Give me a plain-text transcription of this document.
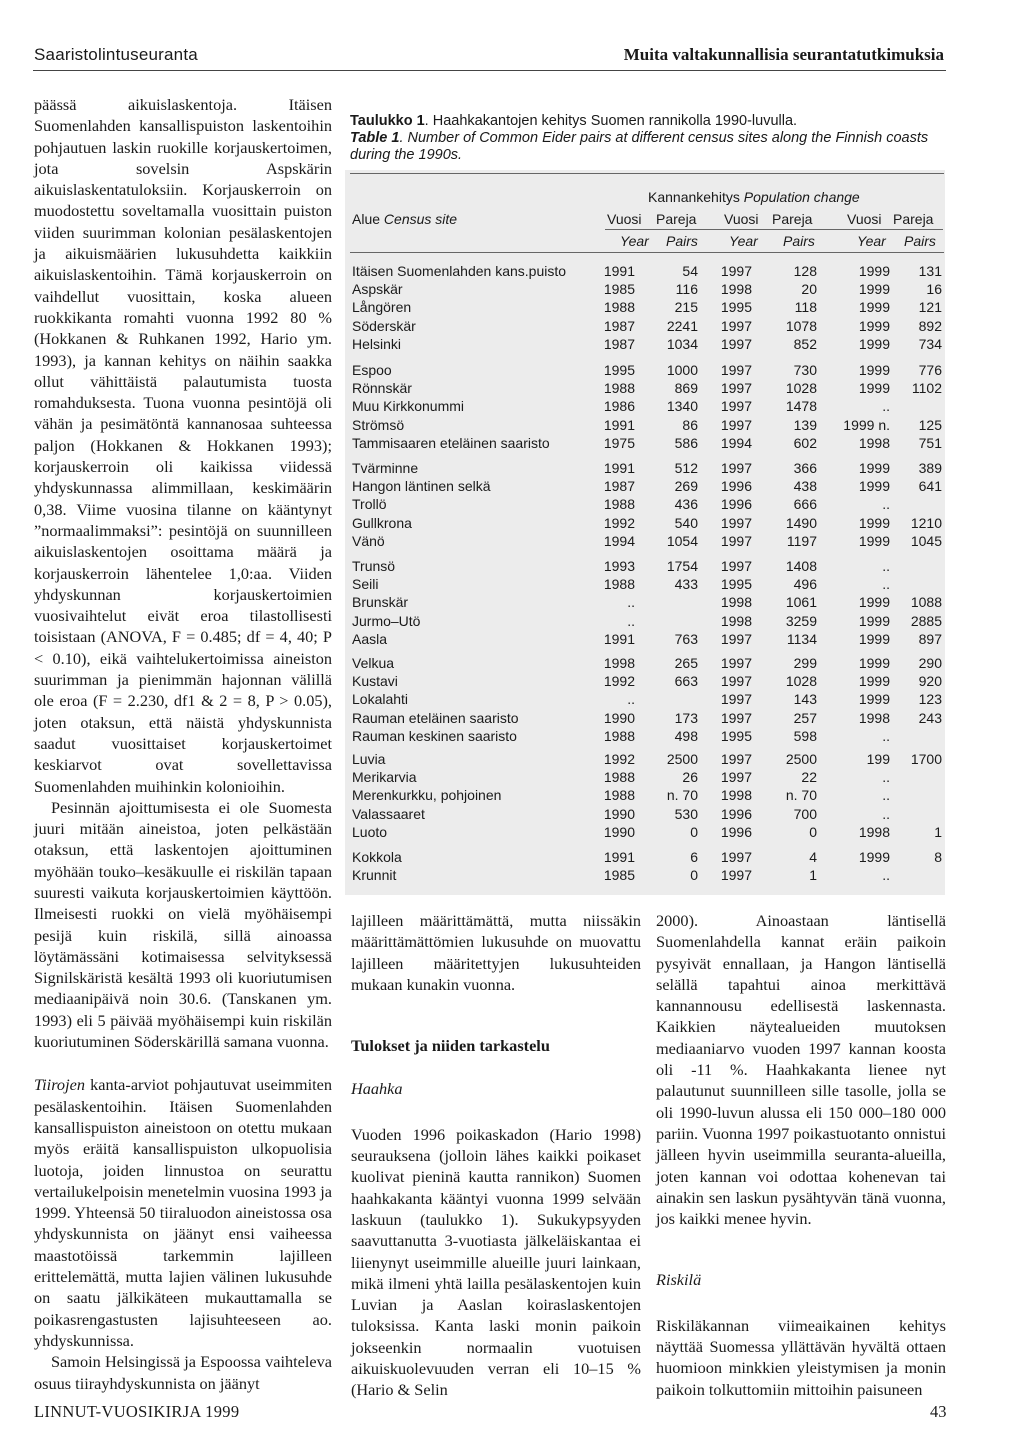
Saaristolintuseuranta	Muita valtakunnallisia seurantatutkimuksia

päässä aikuislaskentoja. Itäisen Suomenlahden kansallispuiston laskentoihin pohjautuen laskin ruokille korjauskertoimen, jota sovelsin Aspskärin aikuislaskentatuloksiin. Korjauskerroin on muodostettu soveltamalla vuosittain puiston viiden suurimman kolonian pesälaskentojen ja aikuismäärien lukusuhdetta kaikkiin aikuislaskentoihin. Tämä korjauskerroin on vaihdellut vuosittain, koska alueen ruokkikanta romahti vuonna 1992 80 % (Hokkanen & Ruhkanen 1992, Hario ym. 1993), ja kannan kehitys on näihin saakka ollut vähittäistä palautumista tuosta romahduksesta. Tuona vuonna pesintöjä oli vähän ja pesimätöntä kannanosaa suhteessa paljon (Hokkanen & Hokkanen 1993); korjauskerroin oli kaikissa viidessä yhdyskunnassa alimmillaan, keskimäärin 0,38. Viime vuosina tilanne on kääntynyt ”normaalimmaksi”: pesintöjä on suunnilleen aikuislaskentojen osoittama määrä ja korjauskerroin lähentelee 1,0:aa. Viiden yhdyskunnan korjauskertoimien vuosivaihtelut eivät eroa tilastollisesti toisistaan (ANOVA, F = 0.485; df = 4, 40; P < 0.10), eikä vaihtelukertoimissa aineiston suurimman ja pienimmän hajonnan välillä ole eroa (F = 2.230, df1 & 2 = 8, P > 0.05), joten otaksun, että näistä yhdyskunnista saadut vuosittaiset korjauskertoimet keskiarvot ovat sovellettavissa Suomenlahden muihinkin kolonioihin.

Pesinnän ajoittumisesta ei ole Suomesta juuri mitään aineistoa, joten pelkästään otaksun, että laskentojen ajoittuminen myöhään touko–kesäkuulle ei riskilän tapaan suuresti vaikuta korjauskertoimien käyttöön. Ilmeisesti ruokki on vielä myöhäisempi pesijä kuin riskilä, sillä ainoassa löytämässäni kotimaisessa selvityksessä Signilskäristä kesältä 1993 oli kuoriutumisen mediaanipäivä noin 30.6. (Tanskanen ym. 1993) eli 5 päivää myöhäisempi kuin riskilän kuoriutuminen Söderskärillä samana vuonna.

Tiirojen kanta-arviot pohjautuvat useimmiten pesälaskentoihin. Itäisen Suomenlahden kansallispuiston aineistoon on otettu mukaan myös eräitä kansallispuiston ulkopuolisia luotoja, joiden linnustoa on seurattu vertailukelpoisin menetelmin vuosina 1993 ja 1999. Yhteensä 50 tiiraluodon aineistossa osa yhdyskunnista on jäänyt ensi vaiheessa maastotöissä tarkemmin lajilleen erittelemättä, mutta lajien välinen lukusuhde on saatu jälkikäteen mukauttamalla se poikasrengastusten lajisuhteeseen ao. yhdyskunnissa.

Samoin Helsingissä ja Espoossa vaihteleva osuus tiirayhdyskunnista on jäänyt

Taulukko 1. Haahkakantojen kehitys Suomen rannikolla 1990-luvulla.

Table 1. Number of Common Eider pairs at different census sites along the Finnish coasts during the 1990s.

Kannankehitys Population change
Alue Census site	Vuosi Pareja Vuosi Pareja Vuosi Pareja
Year Pairs Year Pairs	Year Pairs
Itäisen Suomenlahden kans.puisto	1991	54 1997	128	1999 131
Aspskär	1985	116 1998	20	1999	16
Långören	1988	215 1995	118	1999 121
Söderskär	1987 2241 1997 1078	1999 892
Helsinki	1987 1034 1997	852	1999 734
Espoo	1995 1000 1997	730	1999 776
Rönnskär	1988	869 1997 1028	1999 1102
Muu Kirkkonummi	1986 1340 1997 1478	..
Strömsö	1991	86 1997	139 1999 n. 125
Tammisaaren eteläinen saaristo	1975	586 1994	602	1998 751
Tvärminne	1991	512 1997	366	1999 389
Hangon läntinen selkä	1987	269 1996	438	1999 641
Trollö	1988	436 1996	666	..
Gullkrona	1992	540 1997 1490	1999 1210
Vänö	1994 1054 1997 1197	1999 1045
Trunsö	1993 1754 1997 1408	..
Seili	1988	433 1995	496	..
Brunskär	..	1998 1061	1999 1088
Jurmo–Utö	..	1998 3259	1999 2885
Aasla	1991	763 1997 1134	1999 897
Velkua	1998	265 1997	299	1999 290
Kustavi	1992	663 1997 1028	1999 920
Lokalahti	..	1997	143	1999 123
Rauman eteläinen saaristo	1990	173 1997	257	1998 243
Rauman keskinen saaristo	1988	498 1995	598	..
Luvia	1992 2500 1997 2500	199 1700
Merikarvia	1988	26 1997	22	..
Merenkurkku, pohjoinen	1988 n. 70 1998 n. 70	..
Valassaaret	1990	530 1996	700	..
Luoto	1990	0 1996	0	1998	1
Kokkola	1991	6 1997	4	1999	8
Krunnit	1985	0 1997	1	..

lajilleen määrittämättä, mutta niissäkin määrittämättömien lukusuhde on muovattu lajilleen määritettyjen lukusuhteiden mukaan kunakin vuonna.

Tulokset ja niiden tarkastelu

Haahka

Vuoden 1996 poikaskadon (Hario 1998) seurauksena (jolloin lähes kaikki poikaset kuolivat pieninä kautta rannikon) Suomen haahkakanta kääntyi vuonna 1999 selvään laskuun (taulukko 1). Sukukypsyyden saavuttanutta 3-vuotiasta jälkeläiskantaa ei liienynyt useimmille alueille juuri lainkaan, mikä ilmeni yhtä lailla pesälaskentojen kuin Luvian ja Aaslan koiraslaskentojen tuloksissa. Kanta laski monin paikoin jokseenkin normaalin vuotuisen aikuiskuolevuuden verran eli 10–15 % (Hario & Selin

2000). Ainoastaan läntisellä Suomenlahdella kannat eräin paikoin pysyivät ennallaan, ja Hangon läntisellä selällä tapahtui ainoa merkittävä kannannousu edellisestä laskennasta. Kaikkien näytealueiden muutoksen mediaaniarvo vuoden 1997 kannan koosta oli -11 %. Haahkakanta lienee nyt palautunut suunnilleen sille tasolle, jolla se oli 1990-luvun alussa eli 150 000–180 000 pariin. Vuonna 1997 poikastuotanto onnistui jälleen hyvin useimmilla seuranta-alueilla, joten kannan voi odottaa kohenevan tai ainakin sen laskun pysähtyvän tänä vuonna, jos kaikki menee hyvin.

Riskilä

Riskiläkannan viimeaikainen kehitys näyttää Suomessa yllättävän hyvältä ottaen huomioon minkkien yleistymisen ja monin paikoin tolkuttomiin mittoihin paisuneen

LINNUT-VUOSIKIRJA 1999	43
